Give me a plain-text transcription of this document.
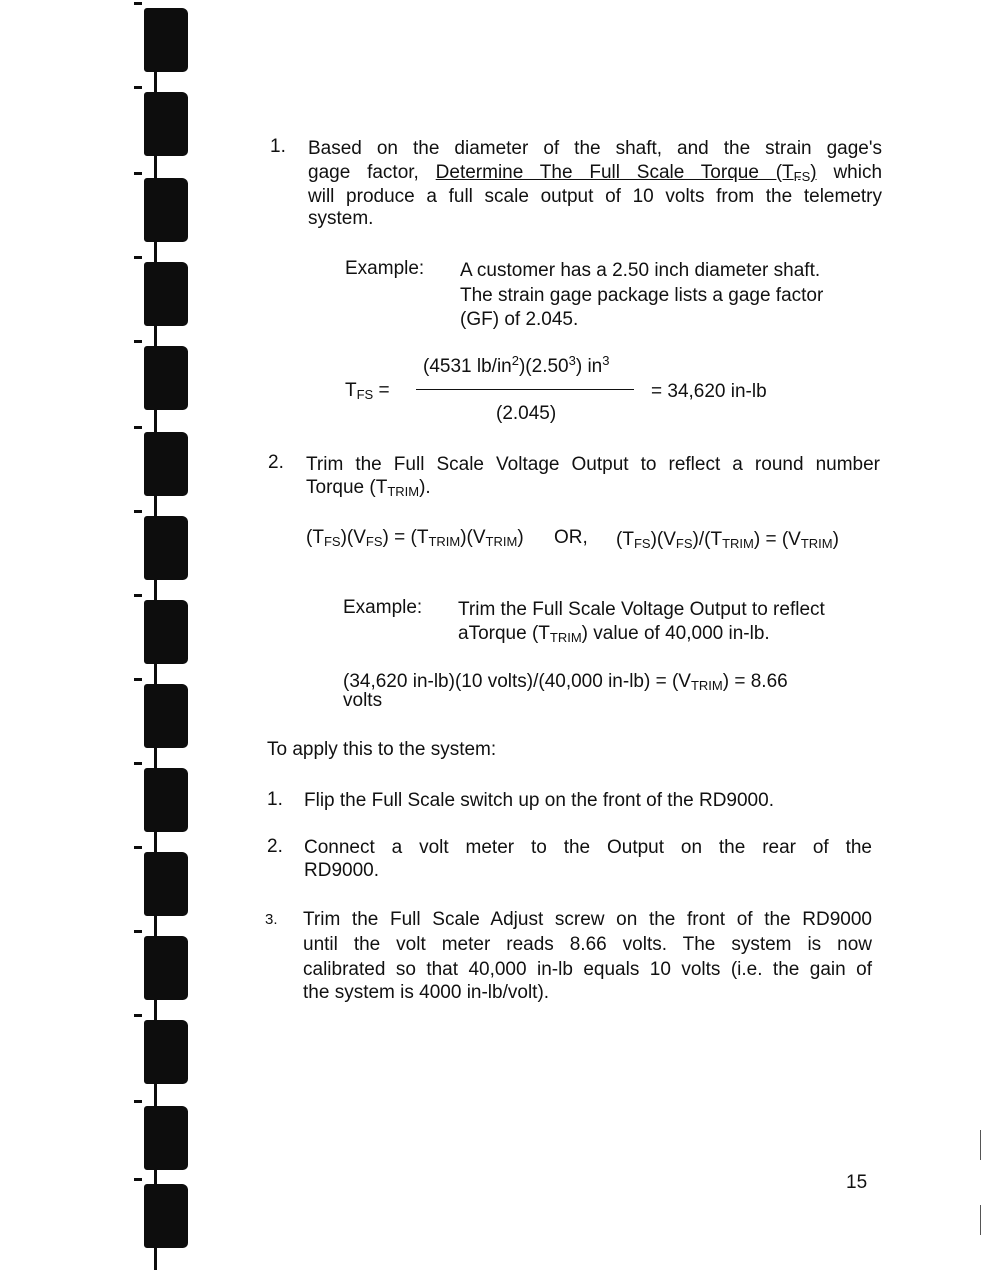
1. Based on the diameter of the shaft, and the strain gage's
gage factor, Determine The Full Scale Torque $(T_{FS})$ which
will produce a full scale output of 10 volts from the telemetry
system.
Example: A customer has a 2.50 inch diameter shaft.
The strain gage package lists a gage factor
(GF) of 2.045.
(4531 $lb/in^2)(2.50^3)$ $in^3$
$T_{FS}$ =	= 34,620 in-lb
(2.045)
2. Trim the Full Scale Voltage Output to reflect a round number
Torque $(T_{TRIM})$.
$(T_{FS})(V_{FS}) = (T_{TRIM})(V_{TRIM})$ OR, $(T_{FS})(V_{FS})/(T_{TRIM}) = (V_{TRIM})$
Example: Trim the Full Scale Voltage Output to reflect
aTorque $(T_{TRIM})$ value of 40,000 in-lb.
(34,620 in-lb)(10 volts)/(40,000 $in-lb) = (V_{TRIM}) = 8.66$
volts
To apply this to the system:
1. Flip the Full Scale switch up on the front of the RD9000.
2. Connect a volt meter to the Output on the rear of the
RD9000.
3. Trim the Full Scale Adjust screw on the front of the RD9000
until the volt meter reads 8.66 volts. The system is now
calibrated so that 40,000 in-lb equals 10 volts (i.e. the gain of
the system is 4000 in-lb/volt).
15
